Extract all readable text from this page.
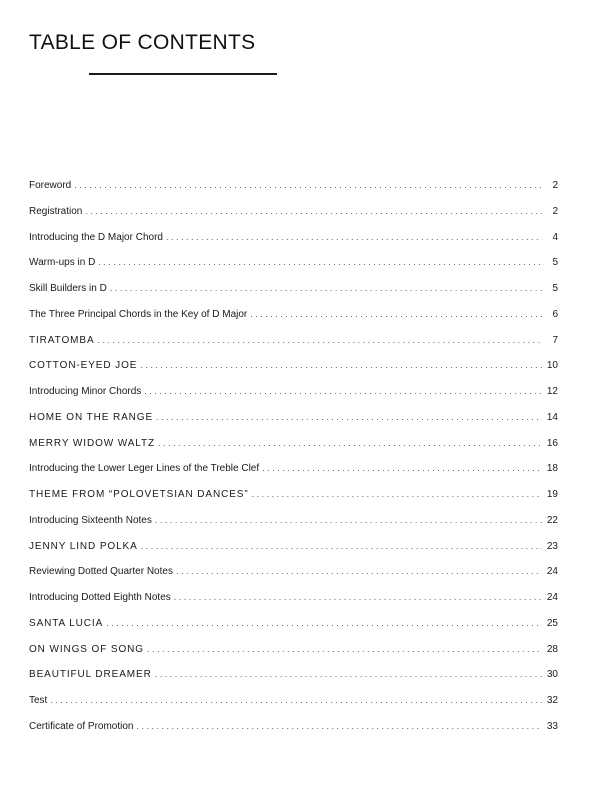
TABLE OF CONTENTS
Foreword . . .	2
Registration . . .	2
Introducing the D Major Chord . . .	4
Warm-ups in D . . .	5
Skill Builders in D . . .	5
The Three Principal Chords in the Key of D Major . . .	6
TIRATOMBA . . .	7
COTTON-EYED JOE . . .	10
Introducing Minor Chords . . .	12
HOME ON THE RANGE . . .	14
MERRY WIDOW WALTZ . . .	16
Introducing the Lower Leger Lines of the Treble Clef . . .	18
THEME FROM “POLOVETSIAN DANCES” . . .	19
Introducing Sixteenth Notes . . .	22
JENNY LIND POLKA . . .	23
Reviewing Dotted Quarter Notes . . .	24
Introducing Dotted Eighth Notes . . .	24
SANTA LUCIA . . .	25
ON WINGS OF SONG . . .	28
BEAUTIFUL DREAMER . . .	30
Test . . .	32
Certificate of Promotion . . .	33
